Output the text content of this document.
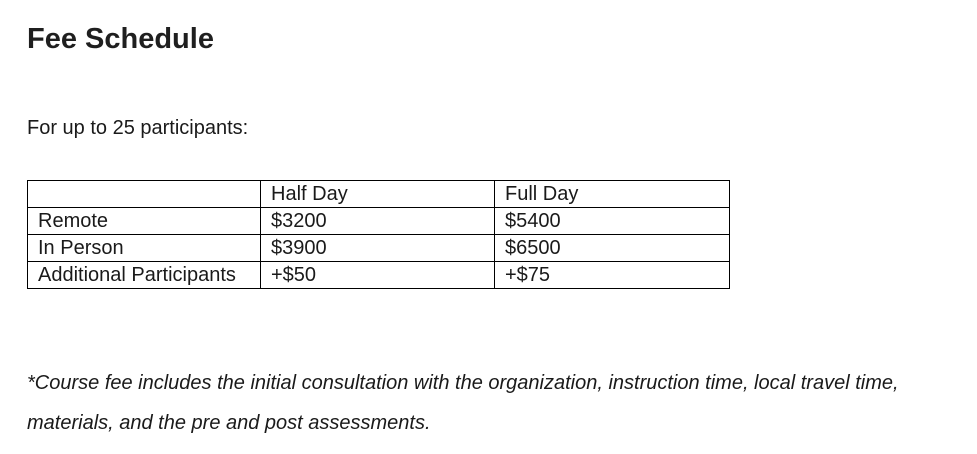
Fee Schedule

For up to 25 participants:

	Half Day	Full Day
Remote	$3200	$5400
In Person	$3900	$6500
Additional Participants	+$50	+$75

*Course fee includes the initial consultation with the organization, instruction time, local travel time, materials, and the pre and post assessments.
